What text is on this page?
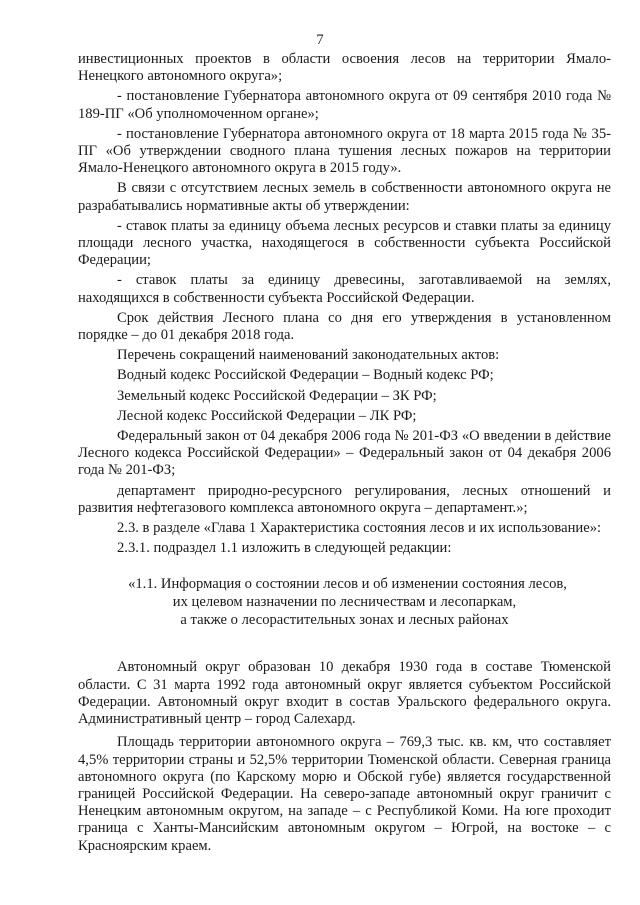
7

инвестиционных проектов в области освоения лесов на территории Ямало-Ненецкого автономного округа»;

- постановление Губернатора автономного округа от 09 сентября 2010 года № 189-ПГ «Об уполномоченном органе»;

- постановление Губернатора автономного округа от 18 марта 2015 года № 35-ПГ «Об утверждении сводного плана тушения лесных пожаров на территории Ямало-Ненецкого автономного округа в 2015 году».

В связи с отсутствием лесных земель в собственности автономного округа не разрабатывались нормативные акты об утверждении:

- ставок платы за единицу объема лесных ресурсов и ставки платы за единицу площади лесного участка, находящегося в собственности субъекта Российской Федерации;

- ставок платы за единицу древесины, заготавливаемой на землях, находящихся в собственности субъекта Российской Федерации.

Срок действия Лесного плана со дня его утверждения в установленном порядке – до 01 декабря 2018 года.

Перечень сокращений наименований законодательных актов:

Водный кодекс Российской Федерации – Водный кодекс РФ;

Земельный кодекс Российской Федерации – ЗК РФ;

Лесной кодекс Российской Федерации – ЛК РФ;

Федеральный закон от 04 декабря 2006 года № 201-ФЗ «О введении в действие Лесного кодекса Российской Федерации» – Федеральный закон от 04 декабря 2006 года № 201-ФЗ;

департамент природно-ресурсного регулирования, лесных отношений и развития нефтегазового комплекса автономного округа – департамент.»;

2.3. в разделе «Глава 1 Характеристика состояния лесов и их использование»:

2.3.1. подраздел 1.1 изложить в следующей редакции:

«1.1. Информация о состоянии лесов и об изменении состояния лесов,
их целевом назначении по лесничествам и лесопаркам,
а также о лесорастительных зонах и лесных районах

Автономный округ образован 10 декабря 1930 года в составе Тюменской области. С 31 марта 1992 года автономный округ является субъектом Российской Федерации. Автономный округ входит в состав Уральского федерального округа. Административный центр – город Салехард.

Площадь территории автономного округа – 769,3 тыс. кв. км, что составляет 4,5% территории страны и 52,5% территории Тюменской области. Северная граница автономного округа (по Карскому морю и Обской губе) является государственной границей Российской Федерации. На северо-западе автономный округ граничит с Ненецким автономным округом, на западе – с Республикой Коми. На юге проходит граница с Ханты-Мансийским автономным округом – Югрой, на востоке – с Красноярским краем.
